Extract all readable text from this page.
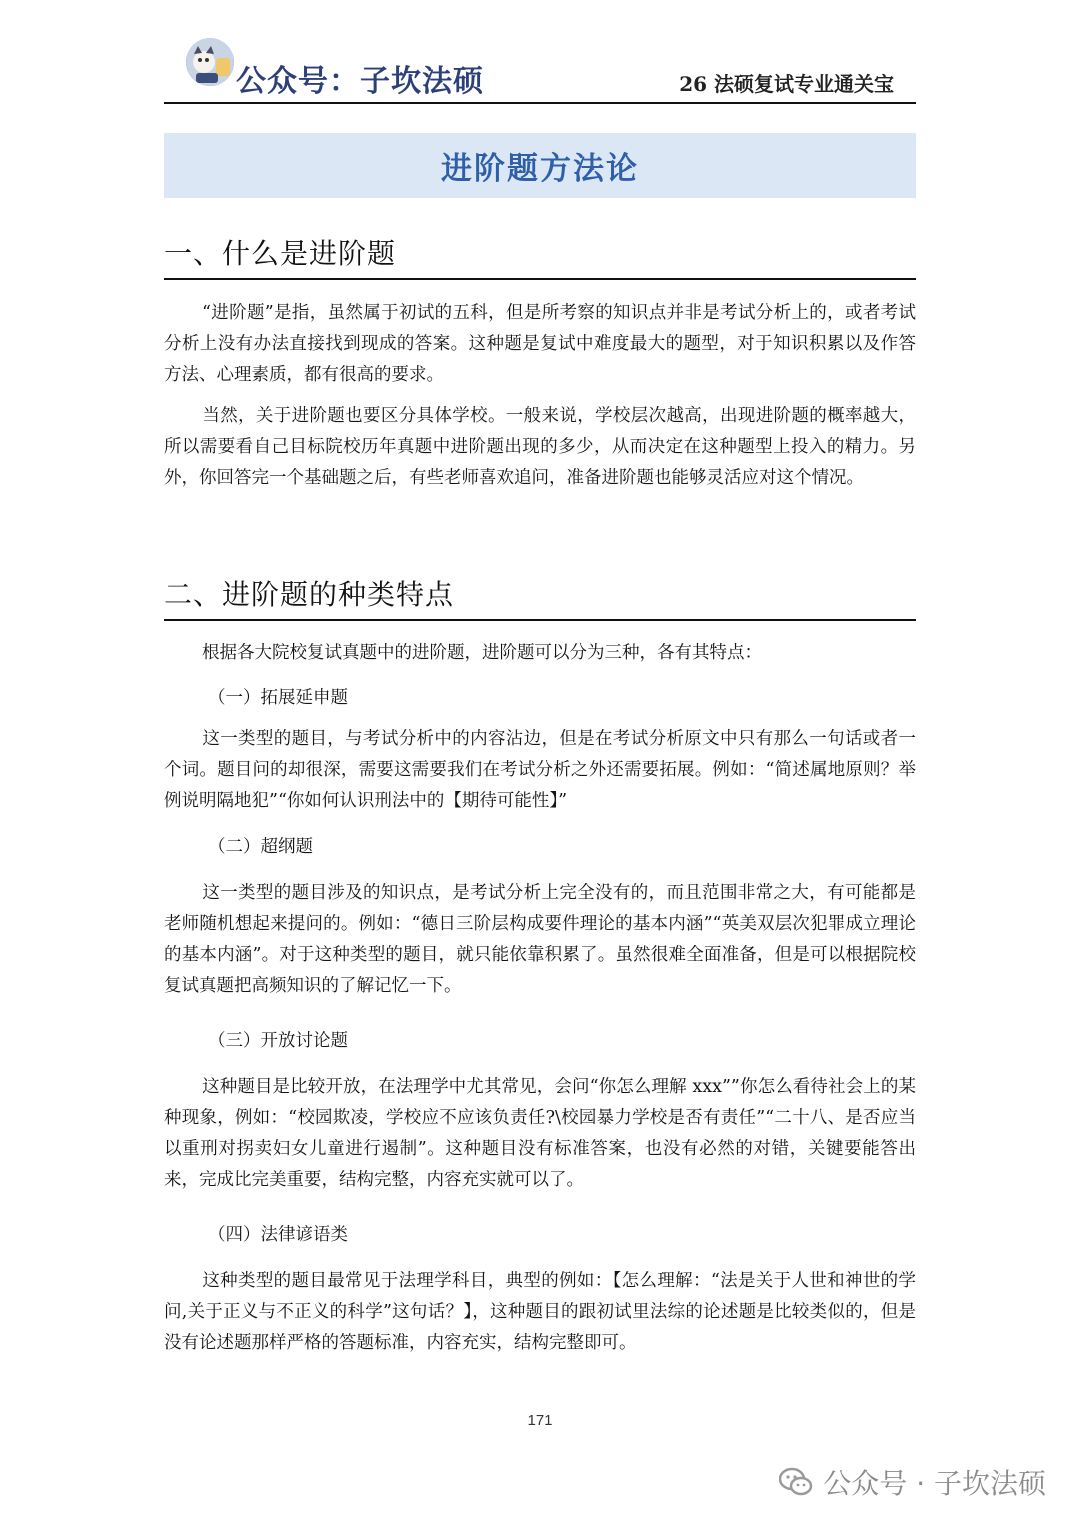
公众号：子坎法硕	26 法硕复试专业通关宝
进阶题方法论
一、什么是进阶题
“进阶题”是指，虽然属于初试的五科，但是所考察的知识点并非是考试分析上的，或者考试分析上没有办法直接找到现成的答案。这种题是复试中难度最大的题型，对于知识积累以及作答方法、心理素质，都有很高的要求。
当然，关于进阶题也要区分具体学校。一般来说，学校层次越高，出现进阶题的概率越大，所以需要看自己目标院校历年真题中进阶题出现的多少，从而决定在这种题型上投入的精力。另外，你回答完一个基础题之后，有些老师喜欢追问，准备进阶题也能够灵活应对这个情况。
二、进阶题的种类特点
根据各大院校复试真题中的进阶题，进阶题可以分为三种，各有其特点：
（一）拓展延申题
这一类型的题目，与考试分析中的内容沾边，但是在考试分析原文中只有那么一句话或者一个词。题目问的却很深，需要这需要我们在考试分析之外还需要拓展。例如：“简述属地原则？举例说明隔地犯”“你如何认识刑法中的【期待可能性】”
（二）超纲题
这一类型的题目涉及的知识点，是考试分析上完全没有的，而且范围非常之大，有可能都是老师随机想起来提问的。例如：“德日三阶层构成要件理论的基本内涵”“英美双层次犯罪成立理论的基本内涵”。对于这种类型的题目，就只能依靠积累了。虽然很难全面准备，但是可以根据院校复试真题把高频知识的了解记忆一下。
（三）开放讨论题
这种题目是比较开放，在法理学中尤其常见，会问“你怎么理解 xxx””你怎么看待社会上的某种现象，例如：“校园欺凌，学校应不应该负责任?\校园暴力学校是否有责任”“二十八、是否应当以重刑对拐卖妇女儿童进行遏制”。这种题目没有标准答案，也没有必然的对错，关键要能答出来，完成比完美重要，结构完整，内容充实就可以了。
（四）法律谚语类
这种类型的题目最常见于法理学科目，典型的例如：【怎么理解：“法是关于人世和神世的学问,关于正义与不正义的科学”这句话？】，这种题目的跟初试里法综的论述题是比较类似的，但是没有论述题那样严格的答题标准，内容充实，结构完整即可。
171
公众号 · 子坎法硕
